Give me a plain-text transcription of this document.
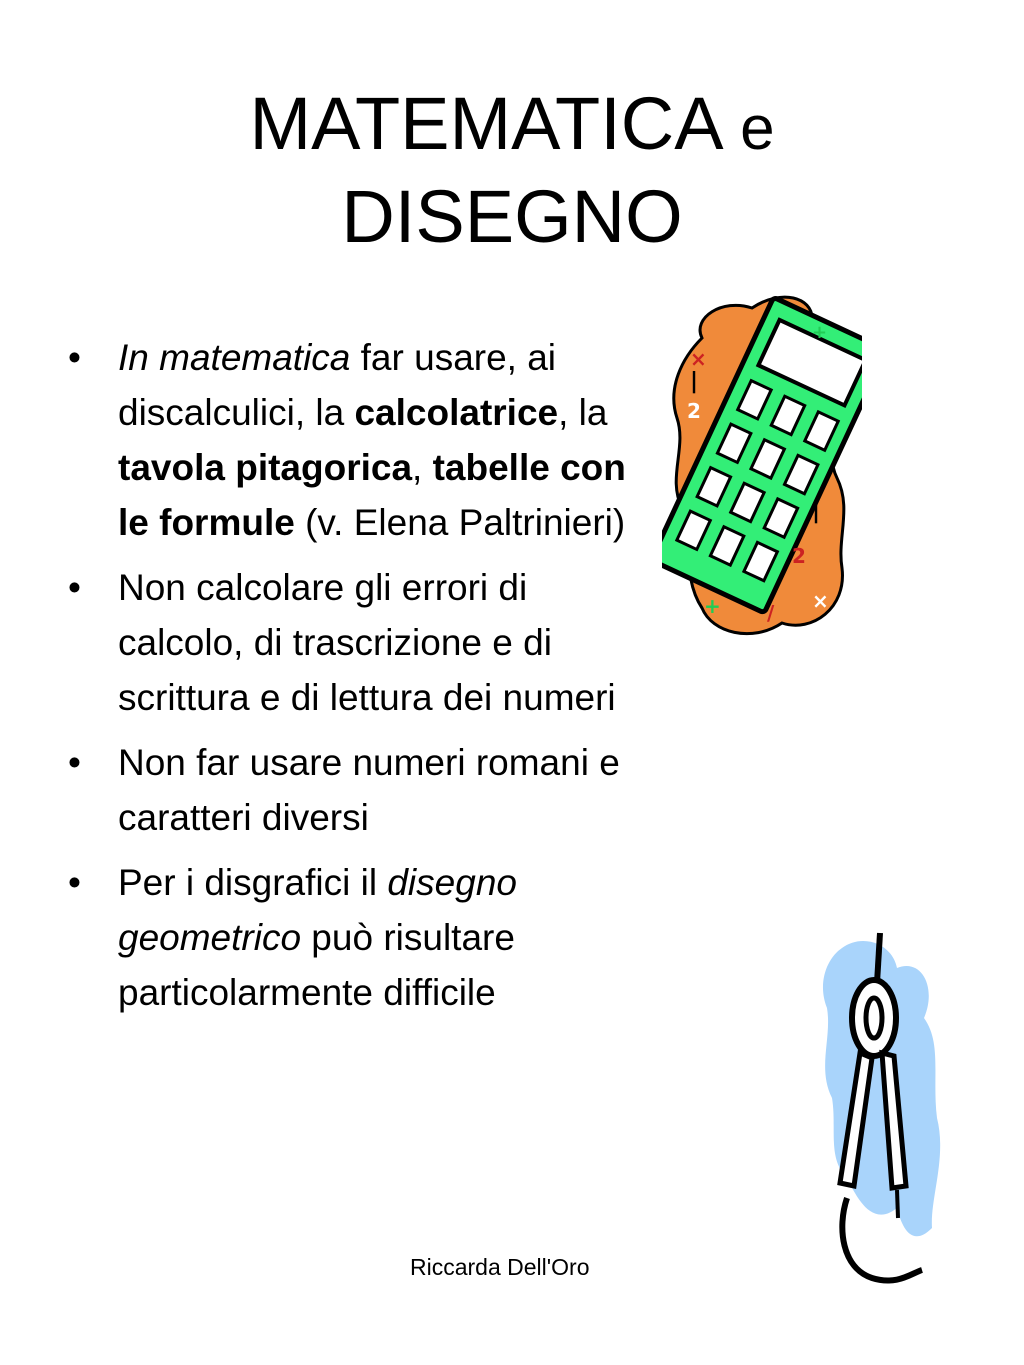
MATEMATICA e
DISEGNO
• In matematica far usare, ai discalculici, la calcolatrice, la tavola pitagorica, tabelle con le formule (v. Elena Paltrinieri)
• Non calcolare gli errori di calcolo, di trascrizione e di scrittura e di lettura dei numeri
• Non far usare numeri romani e caratteri diversi
• Per i disgrafici il disegno geometrico può risultare particolarmente difficile
×
|
2
×
2
|
+ /
+
Riccarda Dell'Oro
